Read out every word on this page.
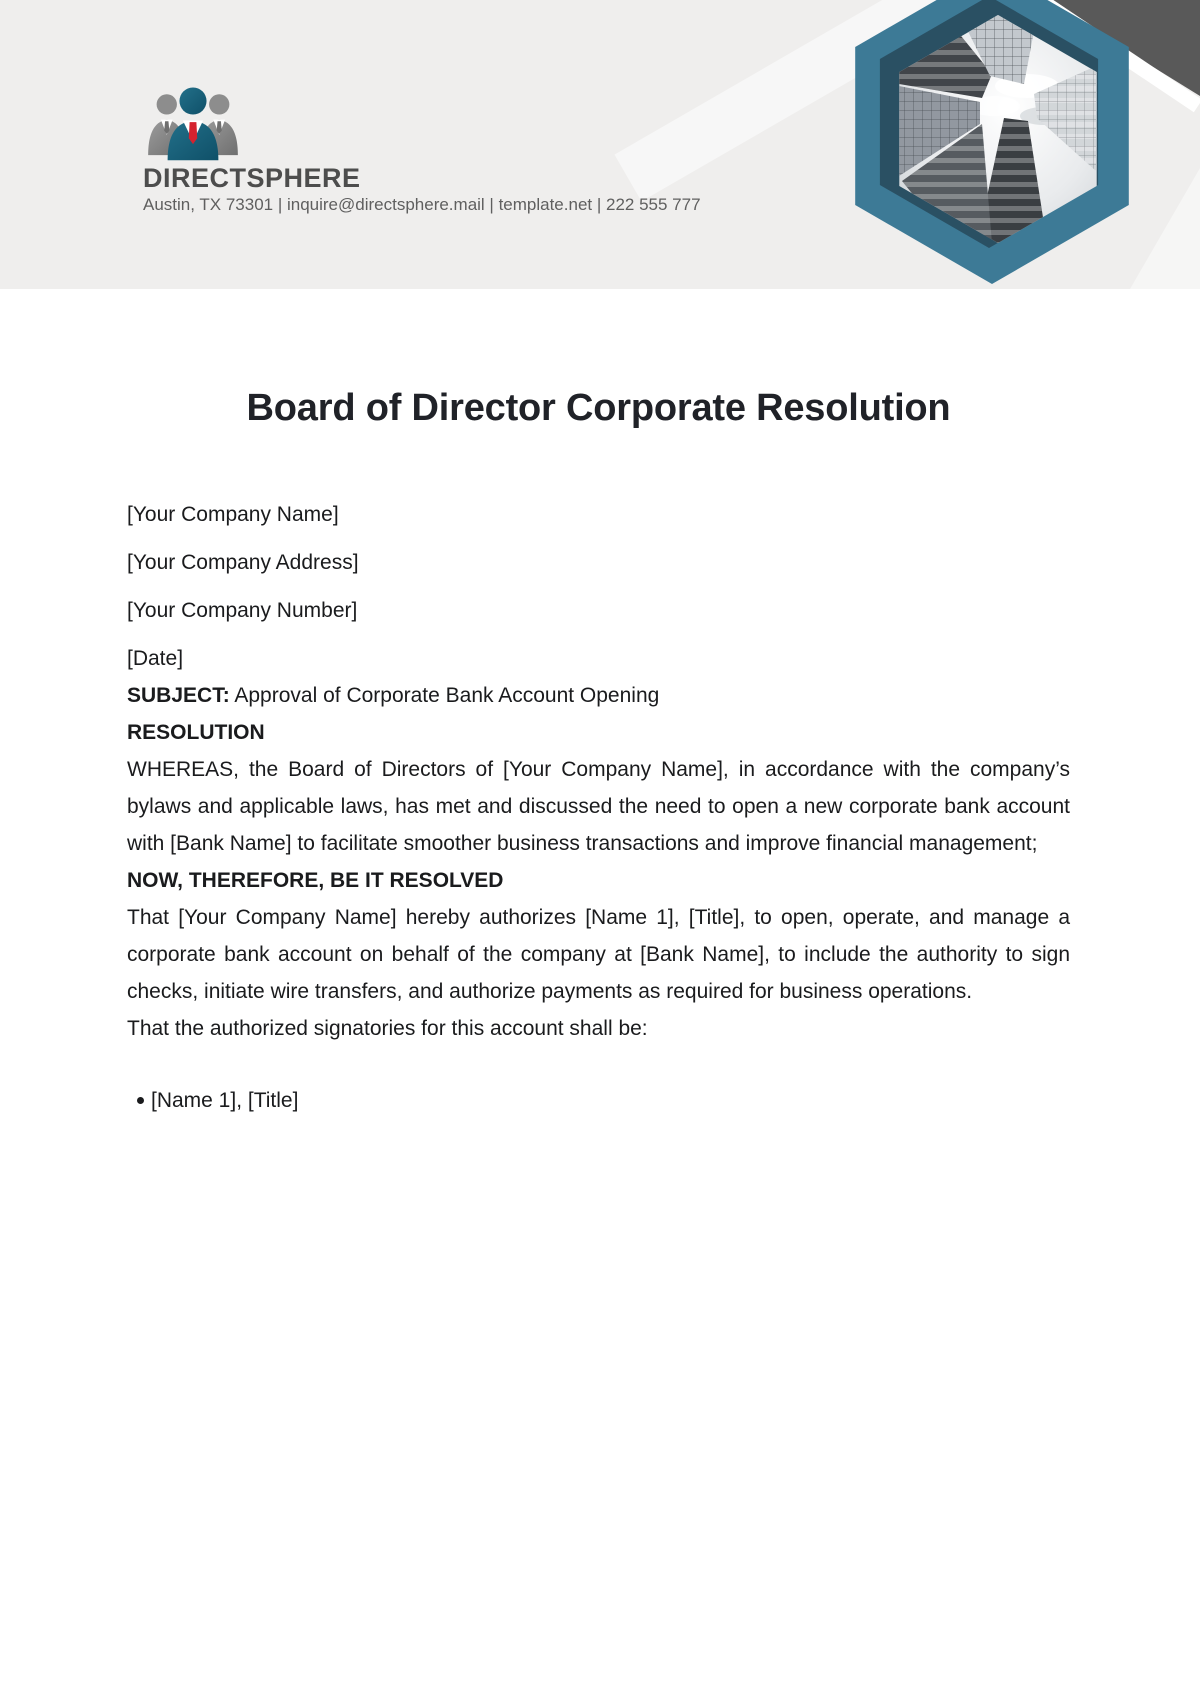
DIRECTSPHERE
Austin, TX 73301 | inquire@directsphere.mail | template.net | 222 555 777
Board of Director Corporate Resolution

[Your Company Name]

[Your Company Address]

[Your Company Number]

[Date]

SUBJECT: Approval of Corporate Bank Account Opening

RESOLUTION

WHEREAS, the Board of Directors of [Your Company Name], in accordance with the company’s bylaws and applicable laws, has met and discussed the need to open a new corporate bank account with [Bank Name] to facilitate smoother business transactions and improve financial management;

NOW, THEREFORE, BE IT RESOLVED

That [Your Company Name] hereby authorizes [Name 1], [Title], to open, operate, and manage a corporate bank account on behalf of the company at [Bank Name], to include the authority to sign checks, initiate wire transfers, and authorize payments as required for business operations.

That the authorized signatories for this account shall be:

[Name 1], [Title]
